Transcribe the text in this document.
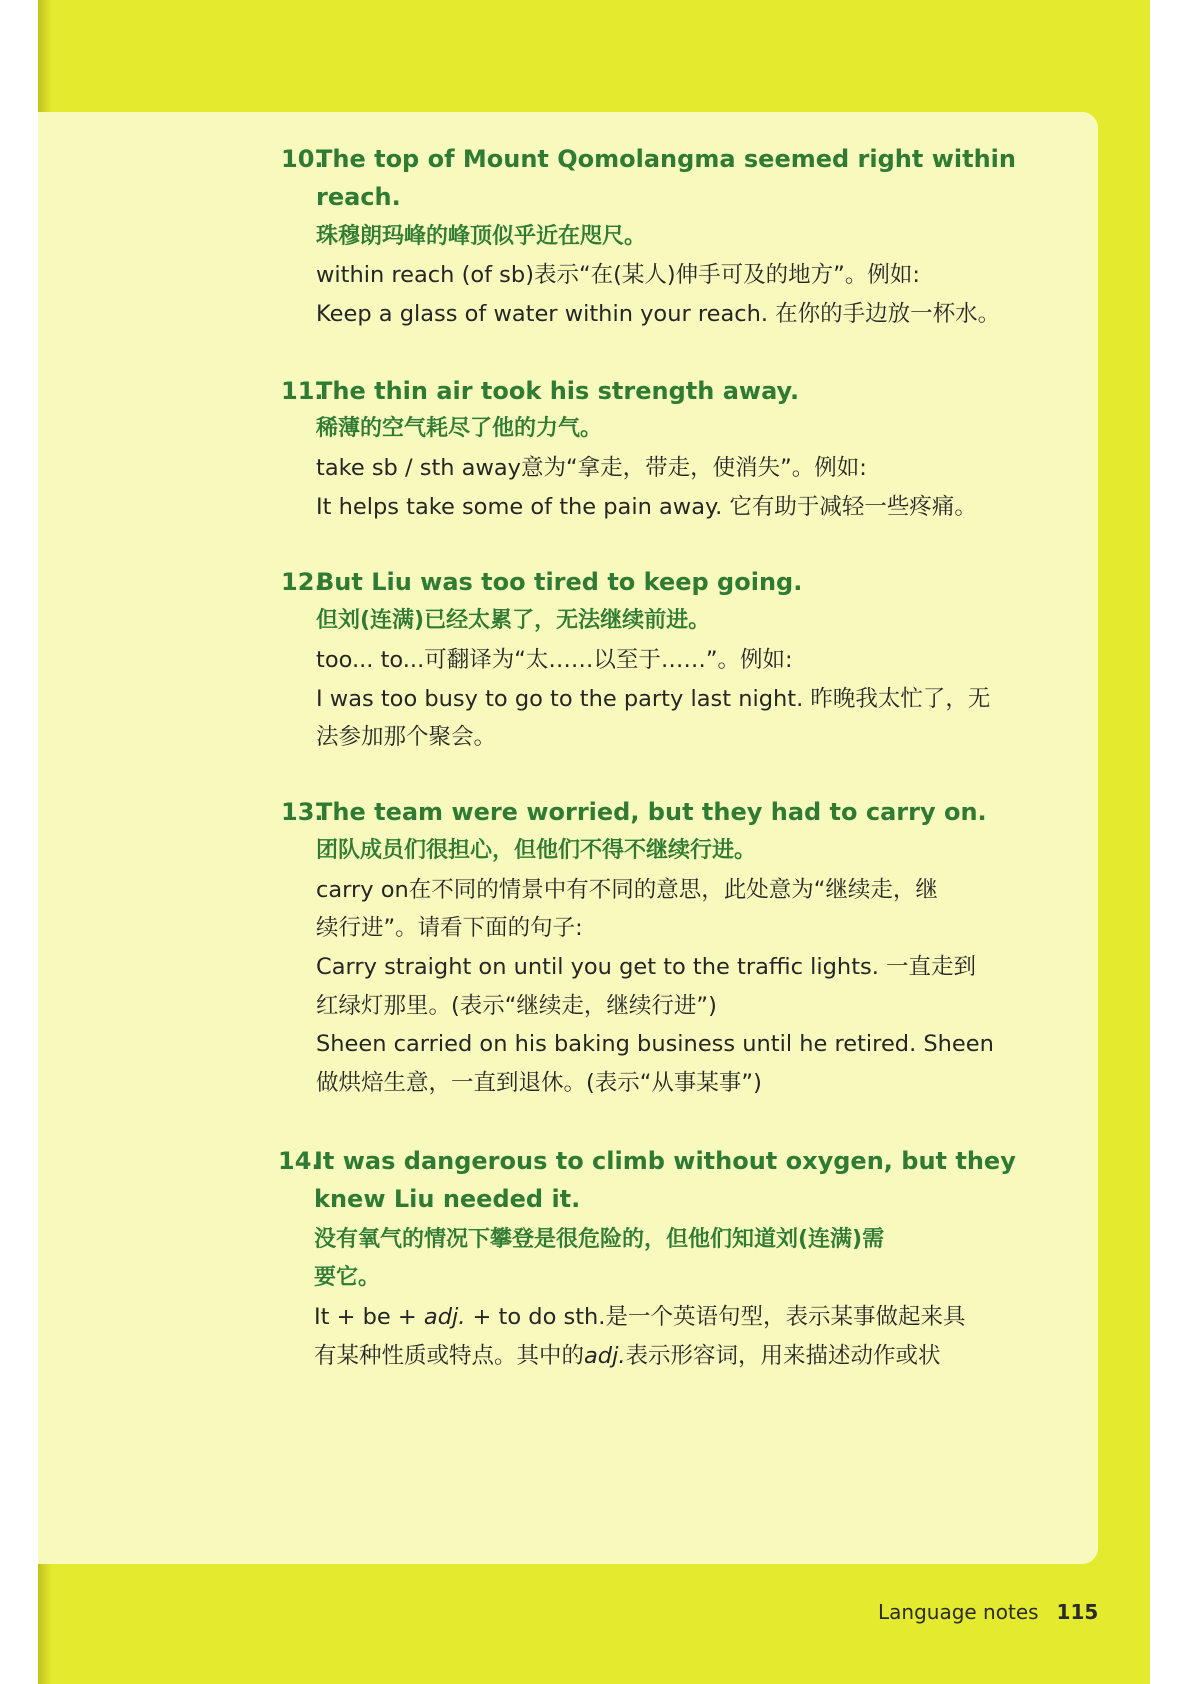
10.
The top of Mount Qomolangma seemed right within
reach.
珠穆朗玛峰的峰顶似乎近在咫尺。
within reach (of sb)表示“在(某人)伸手可及的地方”。例如:
Keep a glass of water within your reach. 在你的手边放一杯水。
11.
The thin air took his strength away.
稀薄的空气耗尽了他的力气。
take sb / sth away意为“拿走，带走，使消失”。例如:
It helps take some of the pain away. 它有助于减轻一些疼痛。
12.
But Liu was too tired to keep going.
但刘(连满)已经太累了，无法继续前进。
too... to...可翻译为“太……以至于……”。例如:
I was too busy to go to the party last night. 昨晚我太忙了，无
法参加那个聚会。
13.
The team were worried, but they had to carry on.
团队成员们很担心，但他们不得不继续行进。
carry on在不同的情景中有不同的意思，此处意为“继续走，继
续行进”。请看下面的句子:
Carry straight on until you get to the traffic lights. 一直走到
红绿灯那里。(表示“继续走，继续行进”)
Sheen carried on his baking business until he retired. Sheen
做烘焙生意，一直到退休。(表示“从事某事”)
14.
It was dangerous to climb without oxygen, but they
knew Liu needed it.
没有氧气的情况下攀登是很危险的，但他们知道刘(连满)需
要它。
It + be + adj. + to do sth.是一个英语句型，表示某事做起来具
有某种性质或特点。其中的adj.表示形容词，用来描述动作或状
Language notes 115
